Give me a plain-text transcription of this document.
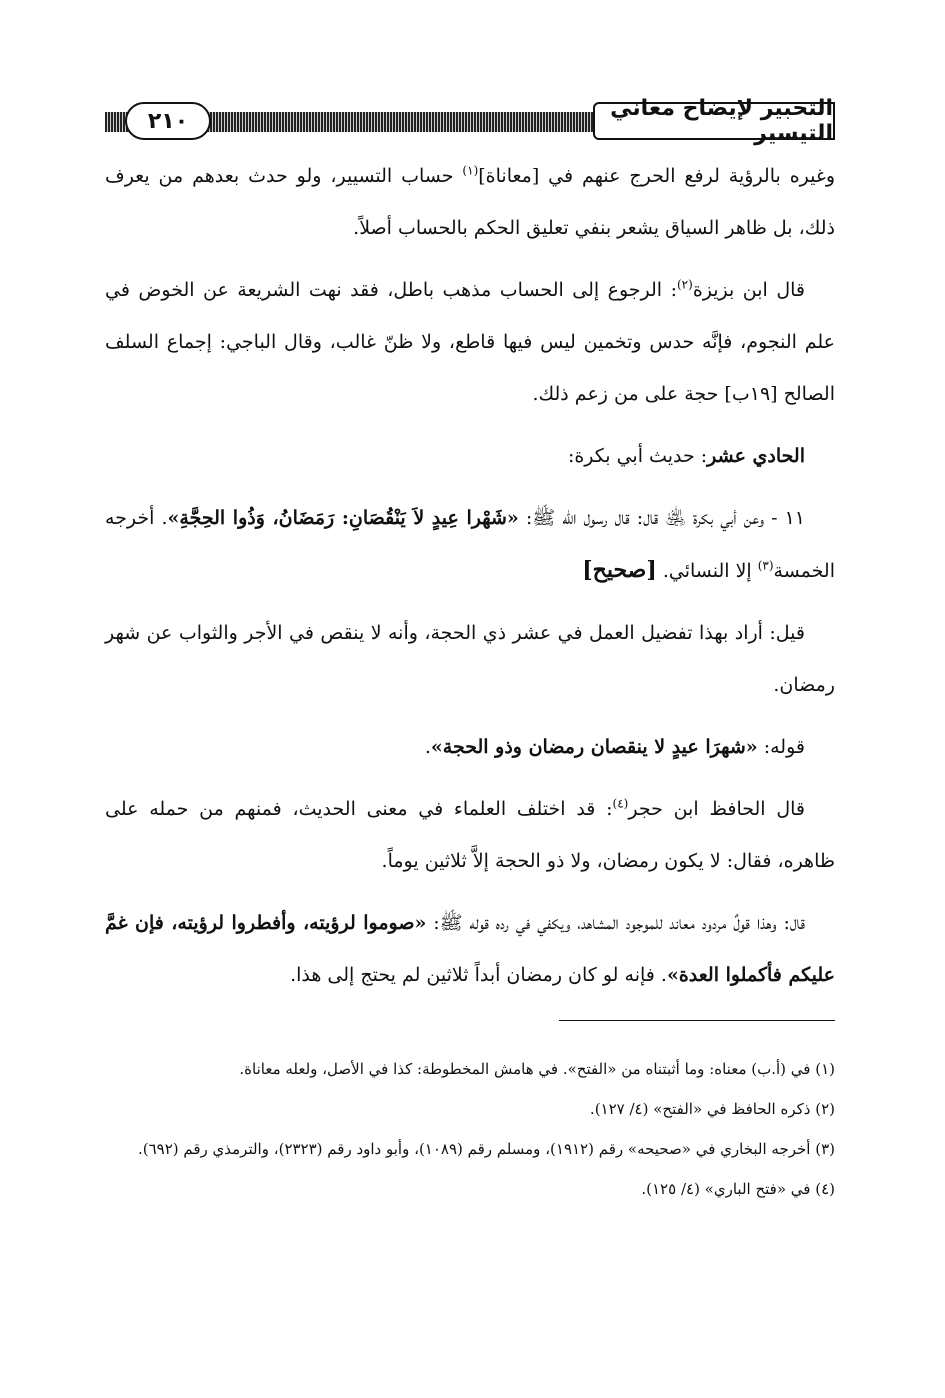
التحبير لإيضاح معاني التيسير
٢١٠

وغيره بالرؤية لرفع الحرج عنهم في [معاناة]$^{(١)}$ حساب التسيير، ولو حدث بعدهم من يعرف ذلك، بل ظاهر السياق يشعر بنفي تعليق الحكم بالحساب أصلاً.

قال ابن بزيزة$^{(٢)}$: الرجوع إلى الحساب مذهب باطل، فقد نهت الشريعة عن الخوض في علم النجوم، فإنَّه حدس وتخمين ليس فيها قاطع، ولا ظنّ غالب، وقال الباجي: إجماع السلف الصالح [١٩ب] حجة على من زعم ذلك.

الحادي عشر: حديث أبي بكرة:

١١ - وعن أبي بكرة ﵁ قال: قال رسول الله ﷺ: «شَهْرا عِيدٍ لاَ يَنْقُصَانِ: رَمَضَانُ، وَذُوا الحِجَّةِ». أخرجه الخمسة$^{(٣)}$ إلا النسائي. [صحيح]

قيل: أراد بهذا تفضيل العمل في عشر ذي الحجة، وأنه لا ينقص في الأجر والثواب عن شهر رمضان.

قوله: «شهرَا عيدٍ لا ينقصان رمضان وذو الحجة».

قال الحافظ ابن حجر$^{(٤)}$: قد اختلف العلماء في معنى الحديث، فمنهم من حمله على ظاهره، فقال: لا يكون رمضان، ولا ذو الحجة إلاَّ ثلاثين يوماً.

قال: وهذا قولٌ مردود معاند للموجود المشاهد، ويكفي في رده قوله ﷺ: «صوموا لرؤيته، وأفطروا لرؤيته، فإن غمَّ عليكم فأكملوا العدة». فإنه لو كان رمضان أبداً ثلاثين لم يحتج إلى هذا.

(١) في (أ.ب) معناه: وما أثبتناه من «الفتح». في هامش المخطوطة: كذا في الأصل، ولعله معاناة.

(٢) ذكره الحافظ في «الفتح» (٤/ ١٢٧).

(٣) أخرجه البخاري في «صحيحه» رقم (١٩١٢)، ومسلم رقم (١٠٨٩)، وأبو داود رقم (٢٣٢٣)، والترمذي رقم (٦٩٢).

(٤) في «فتح الباري» (٤/ ١٢٥).
